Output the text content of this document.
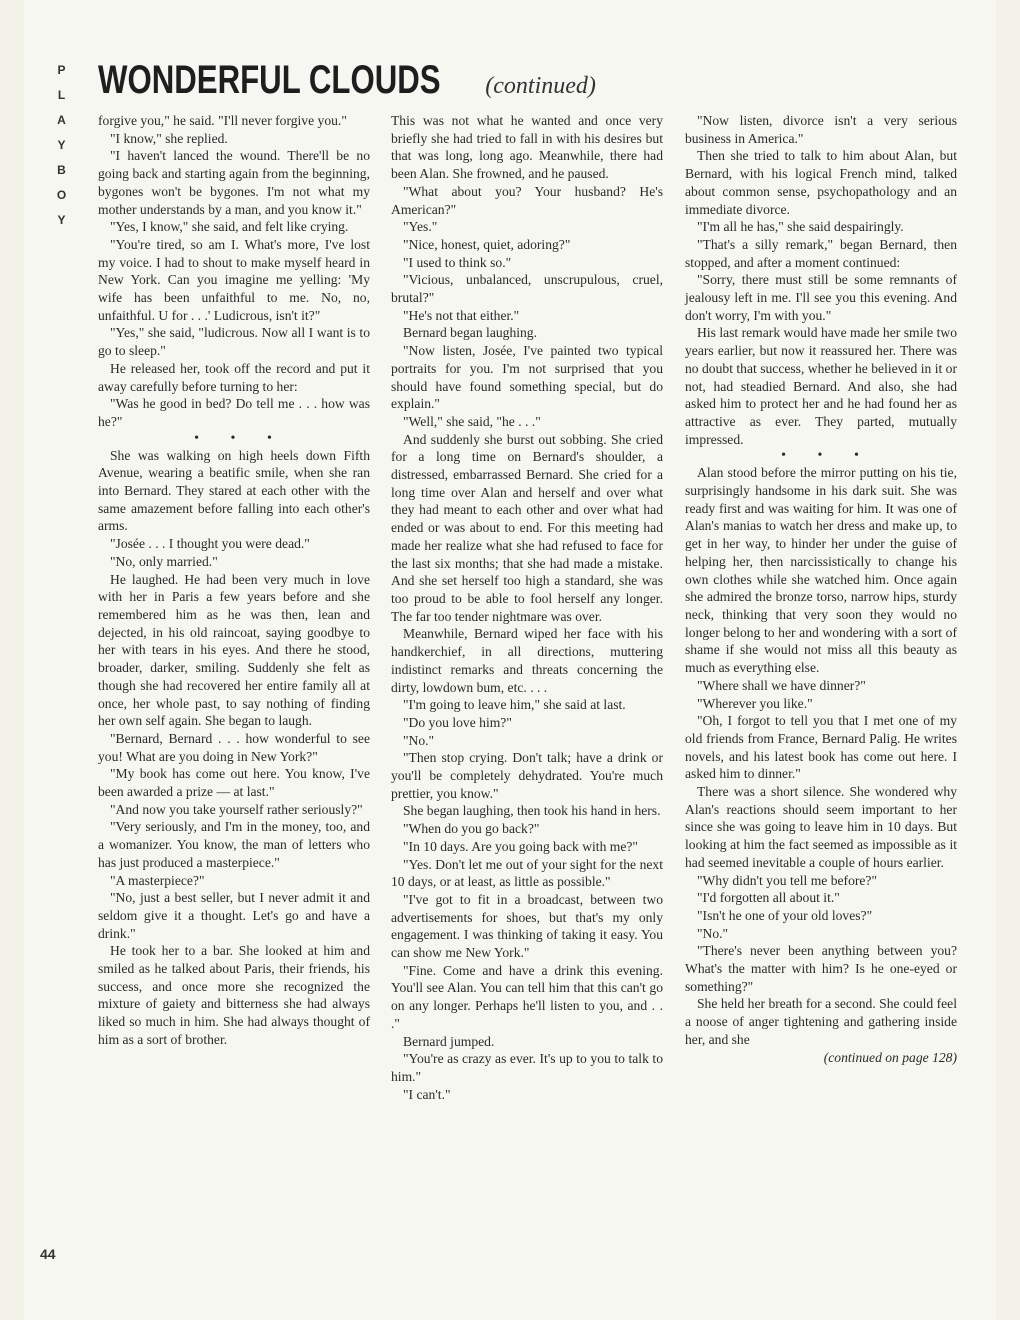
P
L
A
Y
B
O
Y
WONDERFUL CLOUDS (continued)

forgive you," he said. "I'll never forgive you."

"I know," she replied.

"I haven't lanced the wound. There'll be no going back and starting again from the beginning, bygones won't be bygones. I'm not what my mother understands by a man, and you know it."

"Yes, I know," she said, and felt like crying.

"You're tired, so am I. What's more, I've lost my voice. I had to shout to make myself heard in New York. Can you imagine me yelling: 'My wife has been unfaithful to me. No, no, unfaithful. U for . . .' Ludicrous, isn't it?"

"Yes," she said, "ludicrous. Now all I want is to go to sleep."

He released her, took off the record and put it away carefully before turning to her:

"Was he good in bed? Do tell me . . . how was he?"

• • •

She was walking on high heels down Fifth Avenue, wearing a beatific smile, when she ran into Bernard. They stared at each other with the same amazement before falling into each other's arms.

"Josée . . . I thought you were dead."

"No, only married."

He laughed. He had been very much in love with her in Paris a few years before and she remembered him as he was then, lean and dejected, in his old raincoat, saying goodbye to her with tears in his eyes. And there he stood, broader, darker, smiling. Suddenly she felt as though she had recovered her entire family all at once, her whole past, to say nothing of finding her own self again. She began to laugh.

"Bernard, Bernard . . . how wonderful to see you! What are you doing in New York?"

"My book has come out here. You know, I've been awarded a prize — at last."

"And now you take yourself rather seriously?"

"Very seriously, and I'm in the money, too, and a womanizer. You know, the man of letters who has just produced a masterpiece."

"A masterpiece?"

"No, just a best seller, but I never admit it and seldom give it a thought. Let's go and have a drink."

He took her to a bar. She looked at him and smiled as he talked about Paris, their friends, his success, and once more she recognized the mixture of gaiety and bitterness she had always liked so much in him. She had always thought of him as a sort of brother.

This was not what he wanted and once very briefly she had tried to fall in with his desires but that was long, long ago. Meanwhile, there had been Alan. She frowned, and he paused.

"What about you? Your husband? He's American?"

"Yes."

"Nice, honest, quiet, adoring?"

"I used to think so."

"Vicious, unbalanced, unscrupulous, cruel, brutal?"

"He's not that either."

Bernard began laughing.

"Now listen, Josée, I've painted two typical portraits for you. I'm not surprised that you should have found something special, but do explain."

"Well," she said, "he . . ."

And suddenly she burst out sobbing. She cried for a long time on Bernard's shoulder, a distressed, embarrassed Bernard. She cried for a long time over Alan and herself and over what they had meant to each other and over what had ended or was about to end. For this meeting had made her realize what she had refused to face for the last six months; that she had made a mistake. And she set herself too high a standard, she was too proud to be able to fool herself any longer. The far too tender nightmare was over.

Meanwhile, Bernard wiped her face with his handkerchief, in all directions, muttering indistinct remarks and threats concerning the dirty, lowdown bum, etc. . . .

"I'm going to leave him," she said at last.

"Do you love him?"

"No."

"Then stop crying. Don't talk; have a drink or you'll be completely dehydrated. You're much prettier, you know."

She began laughing, then took his hand in hers.

"When do you go back?"

"In 10 days. Are you going back with me?"

"Yes. Don't let me out of your sight for the next 10 days, or at least, as little as possible."

"I've got to fit in a broadcast, between two advertisements for shoes, but that's my only engagement. I was thinking of taking it easy. You can show me New York."

"Fine. Come and have a drink this evening. You'll see Alan. You can tell him that this can't go on any longer. Perhaps he'll listen to you, and . . ."

Bernard jumped.

"You're as crazy as ever. It's up to you to talk to him."

"I can't."

"Now listen, divorce isn't a very serious business in America."

Then she tried to talk to him about Alan, but Bernard, with his logical French mind, talked about common sense, psychopathology and an immediate divorce.

"I'm all he has," she said despairingly.

"That's a silly remark," began Bernard, then stopped, and after a moment continued:

"Sorry, there must still be some remnants of jealousy left in me. I'll see you this evening. And don't worry, I'm with you."

His last remark would have made her smile two years earlier, but now it reassured her. There was no doubt that success, whether he believed in it or not, had steadied Bernard. And also, she had asked him to protect her and he had found her as attractive as ever. They parted, mutually impressed.

• • •

Alan stood before the mirror putting on his tie, surprisingly handsome in his dark suit. She was ready first and was waiting for him. It was one of Alan's manias to watch her dress and make up, to get in her way, to hinder her under the guise of helping her, then narcissistically to change his own clothes while she watched him. Once again she admired the bronze torso, narrow hips, sturdy neck, thinking that very soon they would no longer belong to her and wondering with a sort of shame if she would not miss all this beauty as much as everything else.

"Where shall we have dinner?"

"Wherever you like."

"Oh, I forgot to tell you that I met one of my old friends from France, Bernard Palig. He writes novels, and his latest book has come out here. I asked him to dinner."

There was a short silence. She wondered why Alan's reactions should seem important to her since she was going to leave him in 10 days. But looking at him the fact seemed as impossible as it had seemed inevitable a couple of hours earlier.

"Why didn't you tell me before?"

"I'd forgotten all about it."

"Isn't he one of your old loves?"

"No."

"There's never been anything between you? What's the matter with him? Is he one-eyed or something?"

She held her breath for a second. She could feel a noose of anger tightening and gathering inside her, and she

(continued on page 128)

44
